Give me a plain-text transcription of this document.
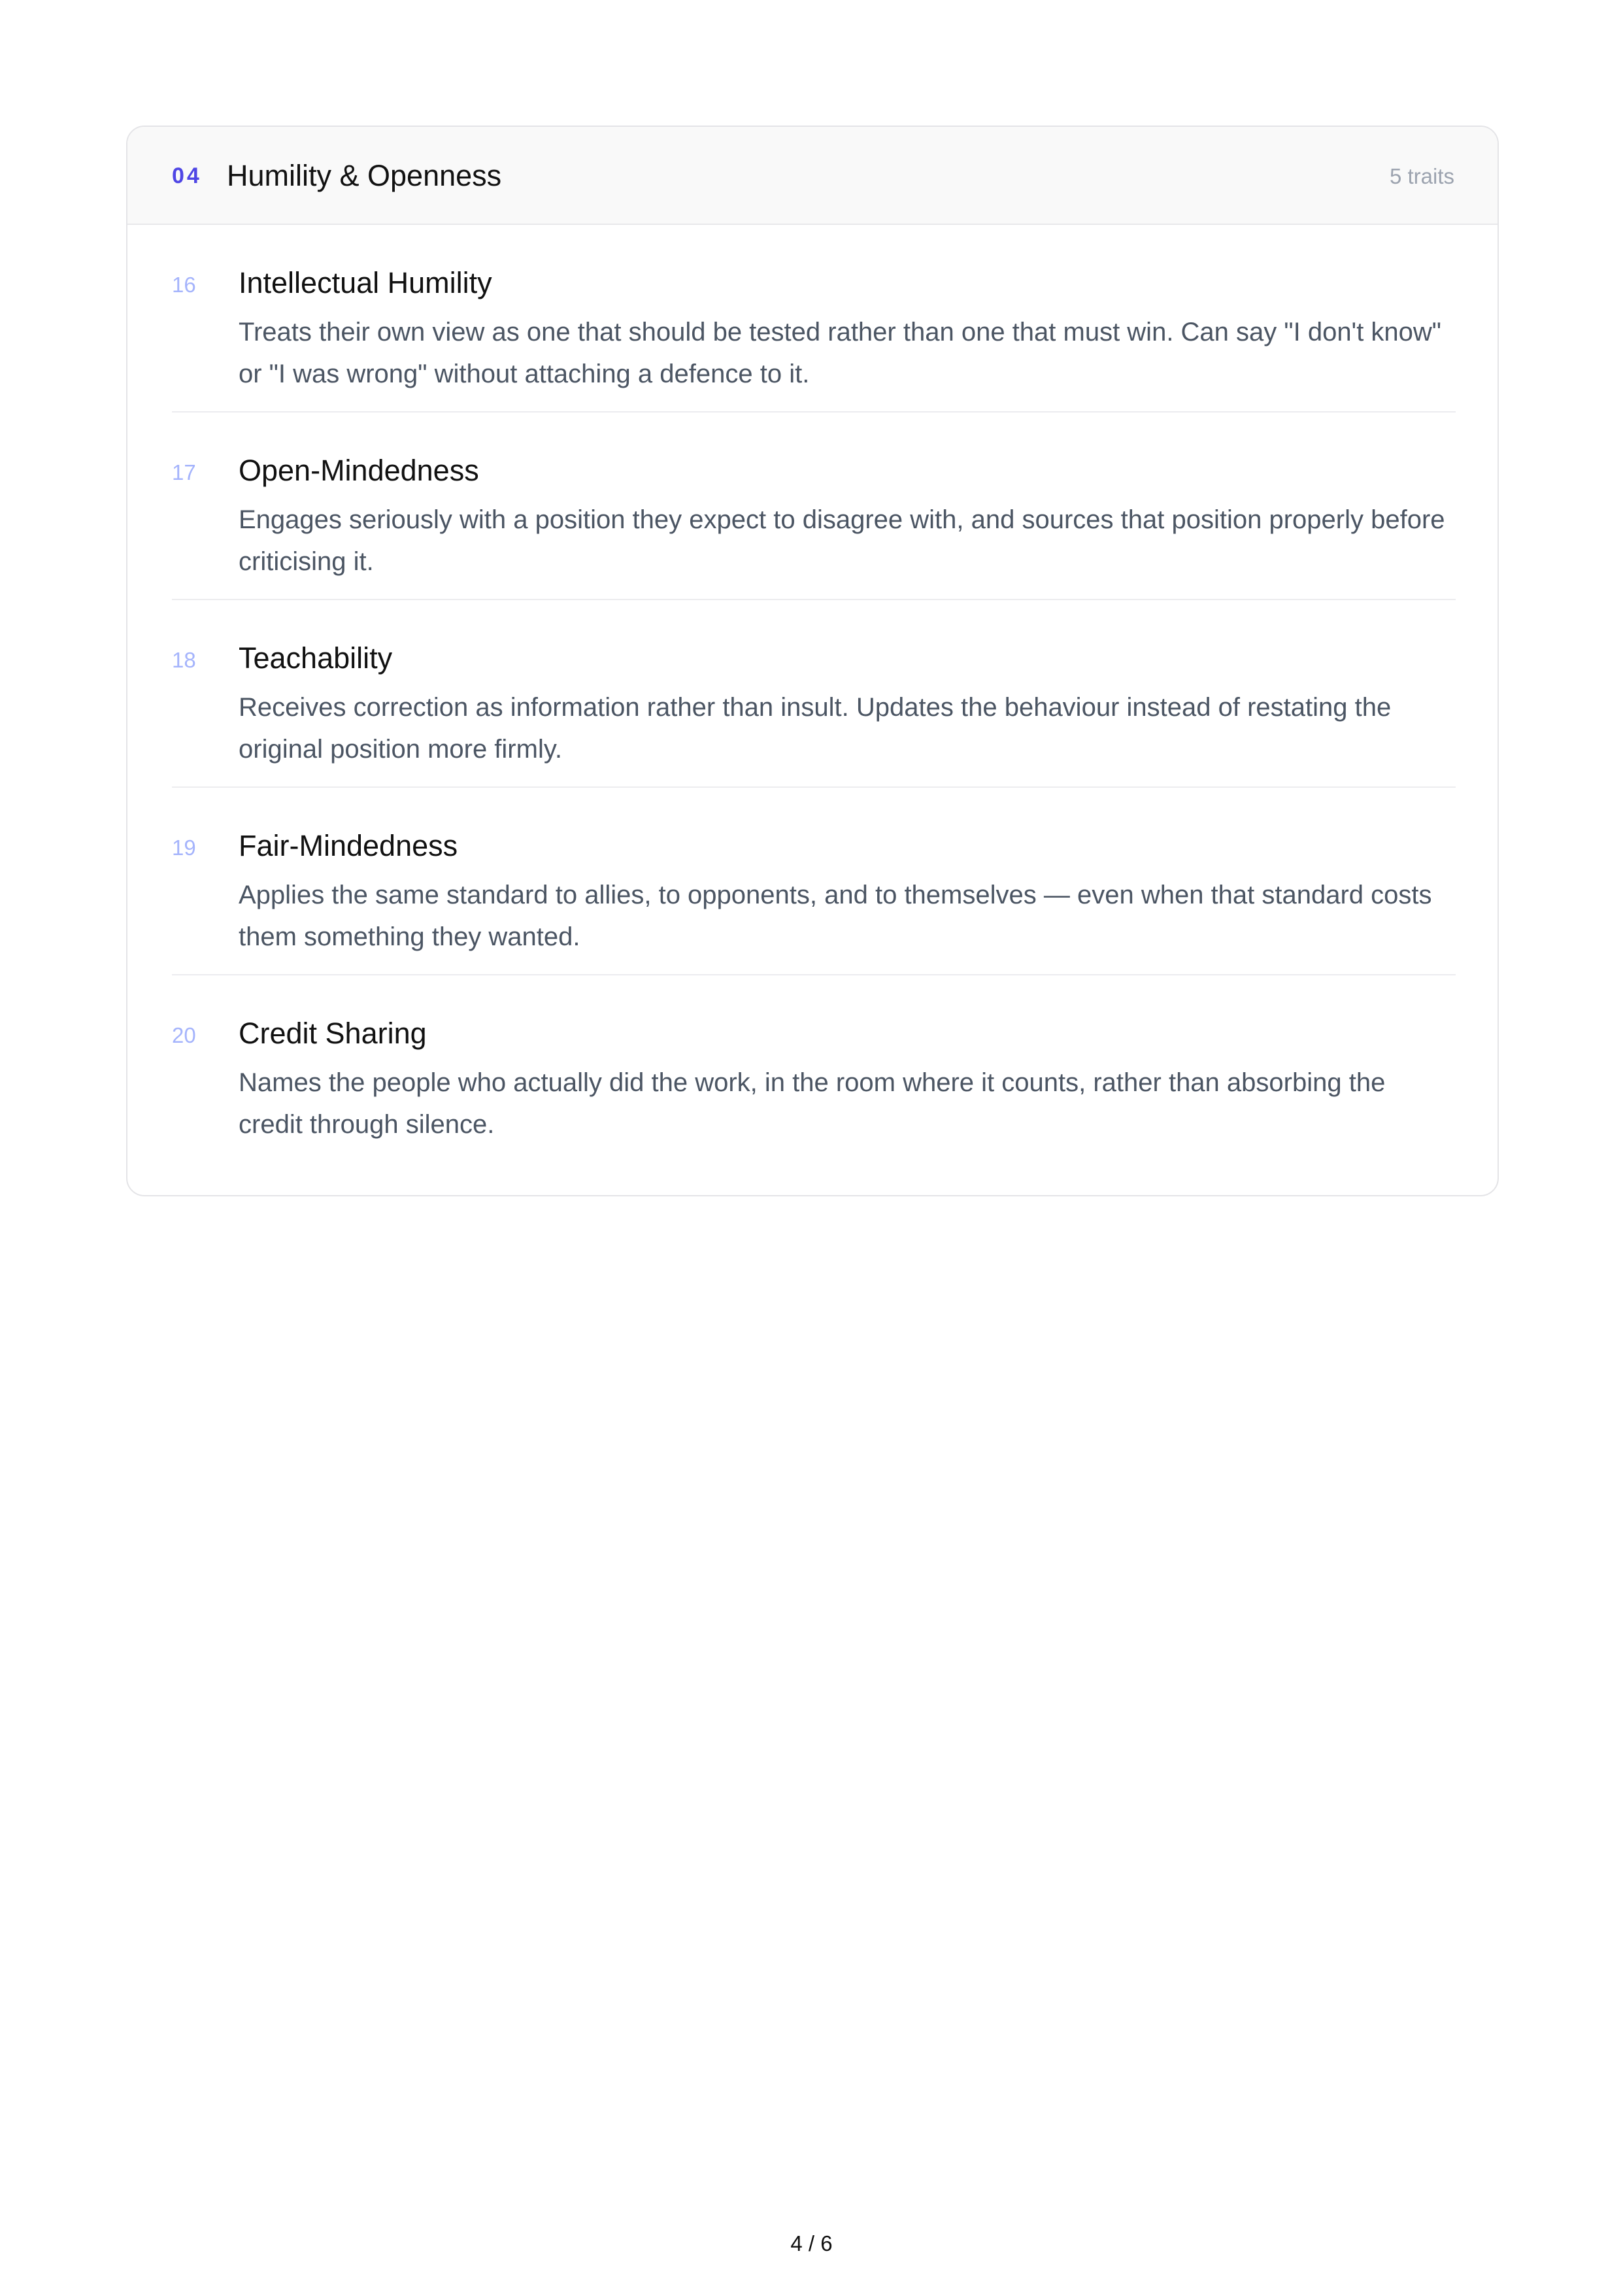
04 Humility & Openness	5 traits
16 Intellectual Humility

Treats their own view as one that should be tested rather than one that must win. Can say "I don't know" or "I was wrong" without attaching a defence to it.

17 Open-Mindedness

Engages seriously with a position they expect to disagree with, and sources that position properly before criticising it.

18 Teachability

Receives correction as information rather than insult. Updates the behaviour instead of restating the original position more firmly.

19 Fair-Mindedness

Applies the same standard to allies, to opponents, and to themselves — even when that standard costs them something they wanted.

20 Credit Sharing

Names the people who actually did the work, in the room where it counts, rather than absorbing the credit through silence.

4 / 6
